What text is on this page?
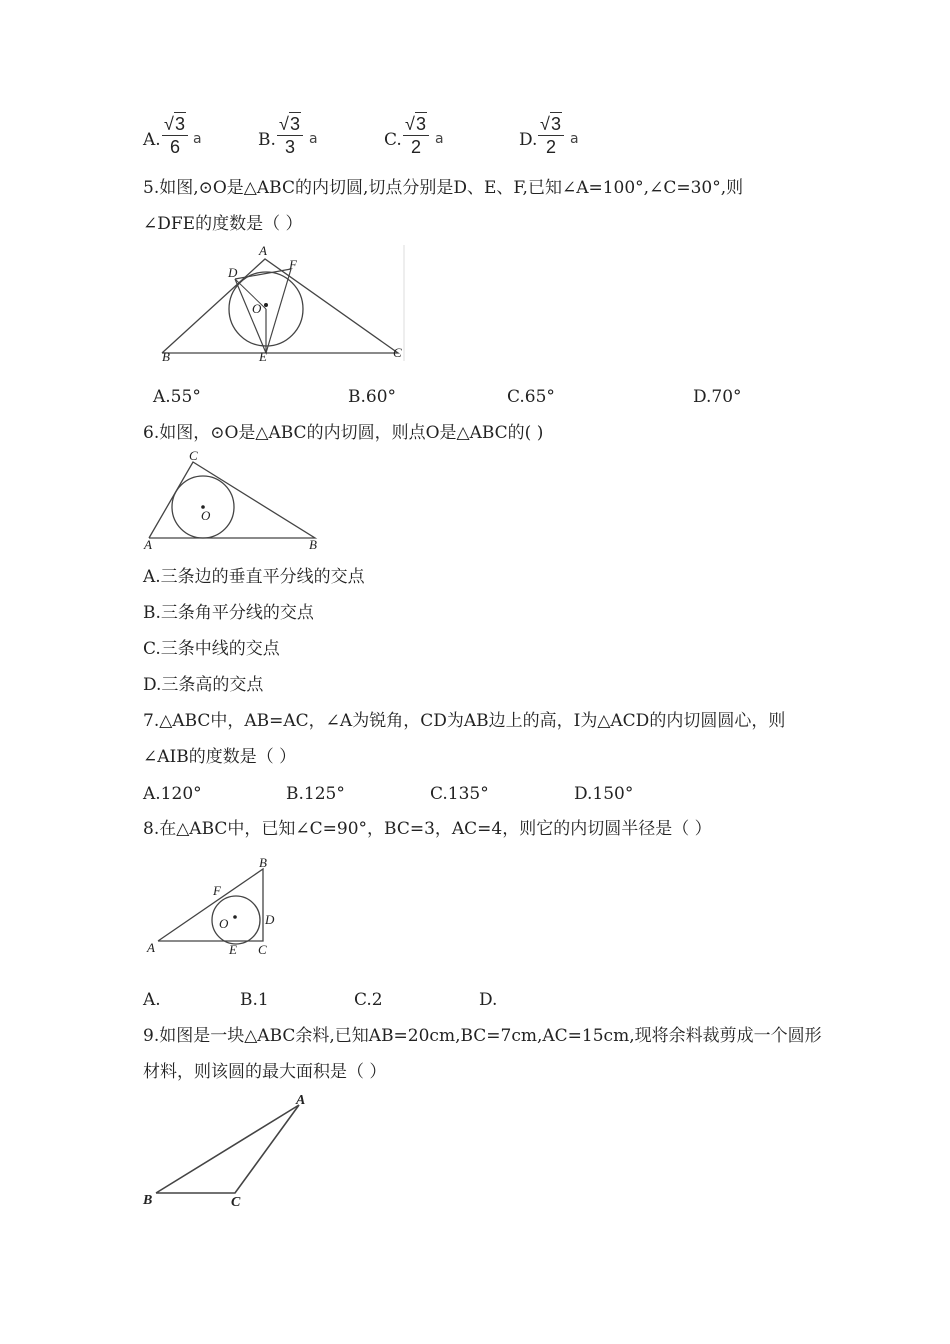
A.
√3
6 a	B.
√3
3	a	C.
√3
2	a	D.
√3
2	a
5.如图,⊙O是△ABC的内切圆,切点分别是D、E、F,已知∠A=100°,∠C=30°,则
∠DFE的度数是（ ）
A
D
F
O
B	E	C
A.55°	B.60°	C.65°	D.70°
6.如图，⊙O是△ABC的内切圆，则点O是△ABC的( )
C
O
A	B
A.三条边的垂直平分线的交点
B.三条角平分线的交点
C.三条中线的交点
D.三条高的交点
7.△ABC中，AB=AC，∠A为锐角，CD为AB边上的高，I为△ACD的内切圆圆心，则
∠AIB的度数是（ ）
A.120°	B.125°	C.135°	D.150°
8.在△ABC中，已知∠C=90°，BC=3，AC=4，则它的内切圆半径是（ ）
B
F
D
O
A	E C
A.	B.1	C.2	D.
9.如图是一块△ABC余料,已知AB=20cm,BC=7cm,AC=15cm,现将余料裁剪成一个圆形
材料，则该圆的最大面积是（ ）
A
B	C
